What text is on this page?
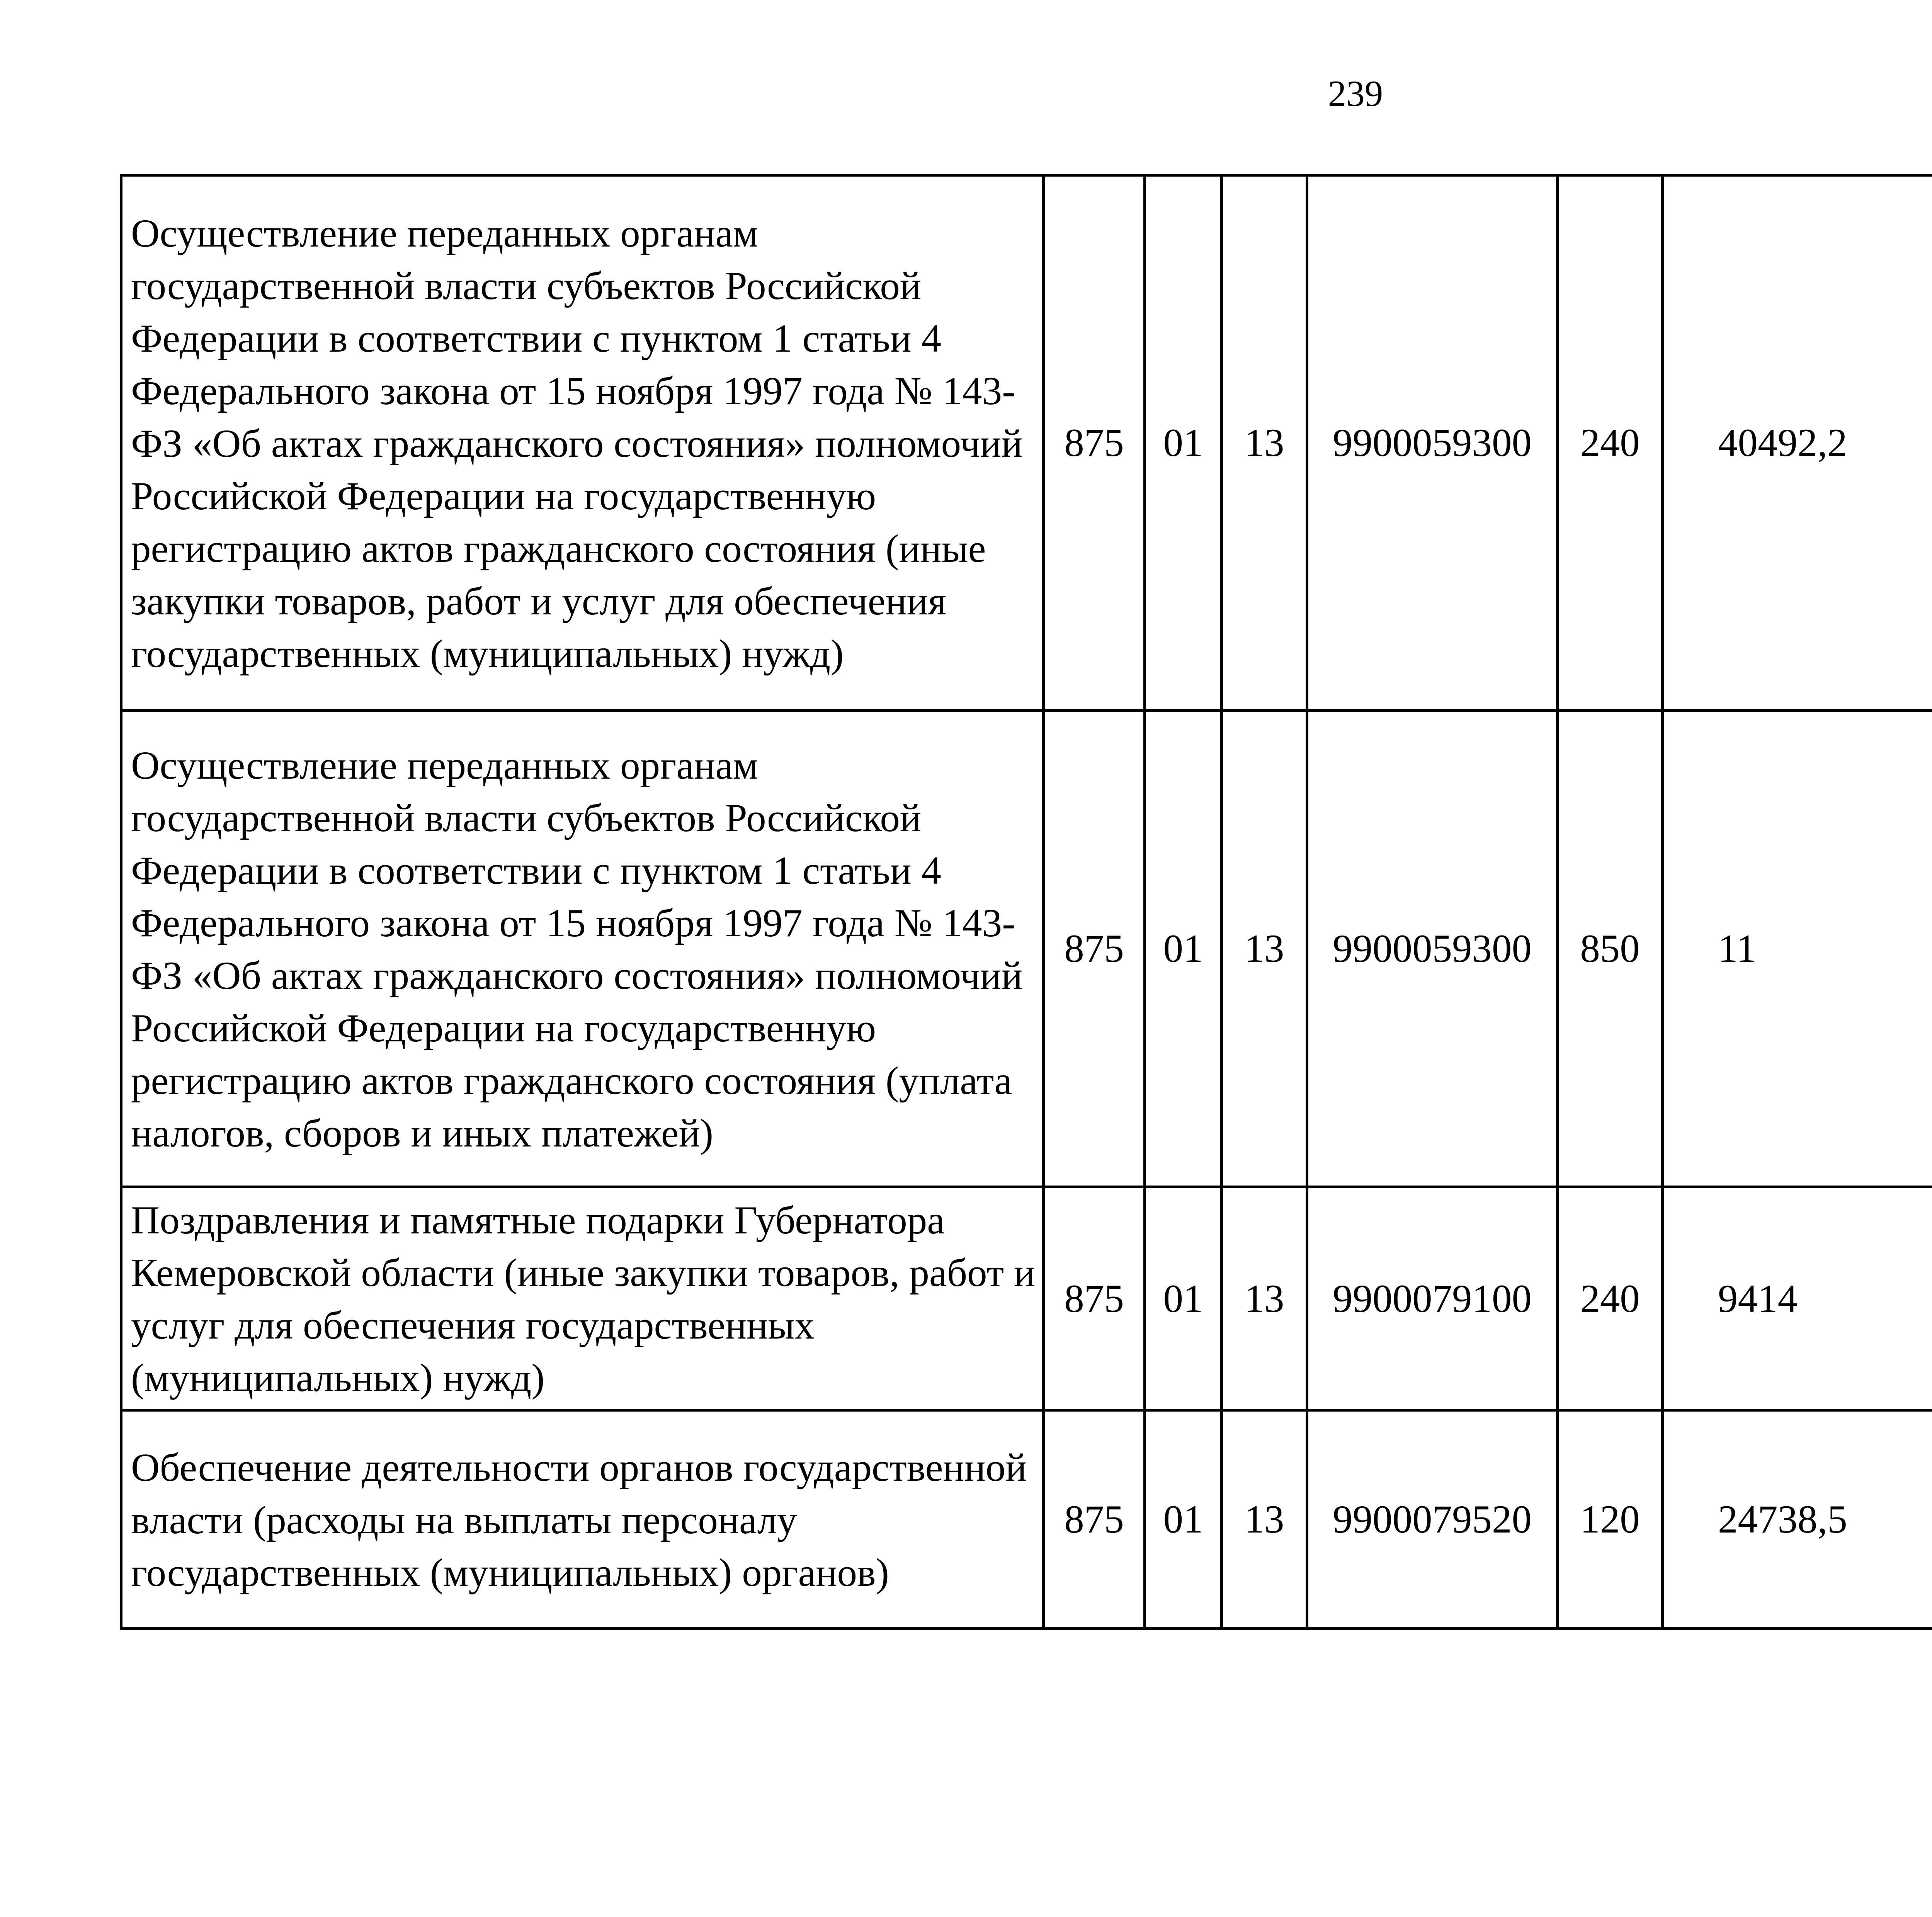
239
Осуществление переданных органам государственной власти субъектов Российской Федерации в соответствии с пунктом 1 статьи 4 Федерального закона от 15 ноября 1997 года № 143-ФЗ «Об актах гражданского состояния» полномочий Российской Федерации на государственную регистрацию актов гражданского состояния (иные закупки товаров, работ и услуг для обеспечения государственных (муниципальных) нужд)	875	01	13	9900059300	240	40492,2		
Осуществление переданных органам государственной власти субъектов Российской Федерации в соответствии с пунктом 1 статьи 4 Федерального закона от 15 ноября 1997 года № 143-ФЗ «Об актах гражданского состояния» полномочий Российской Федерации на государственную регистрацию актов гражданского состояния (уплата налогов, сборов и иных платежей)	875	01	13	9900059300	850	11		
Поздравления и памятные подарки Губернатора Кемеровской области (иные закупки товаров, работ и услуг для обеспечения государственных (муниципальных) нужд)	875	01	13	9900079100	240	9414		
Обеспечение деятельности органов государственной власти (расходы на выплаты персоналу государственных (муниципальных) органов)	875	01	13	9900079520	120	24738,5		
